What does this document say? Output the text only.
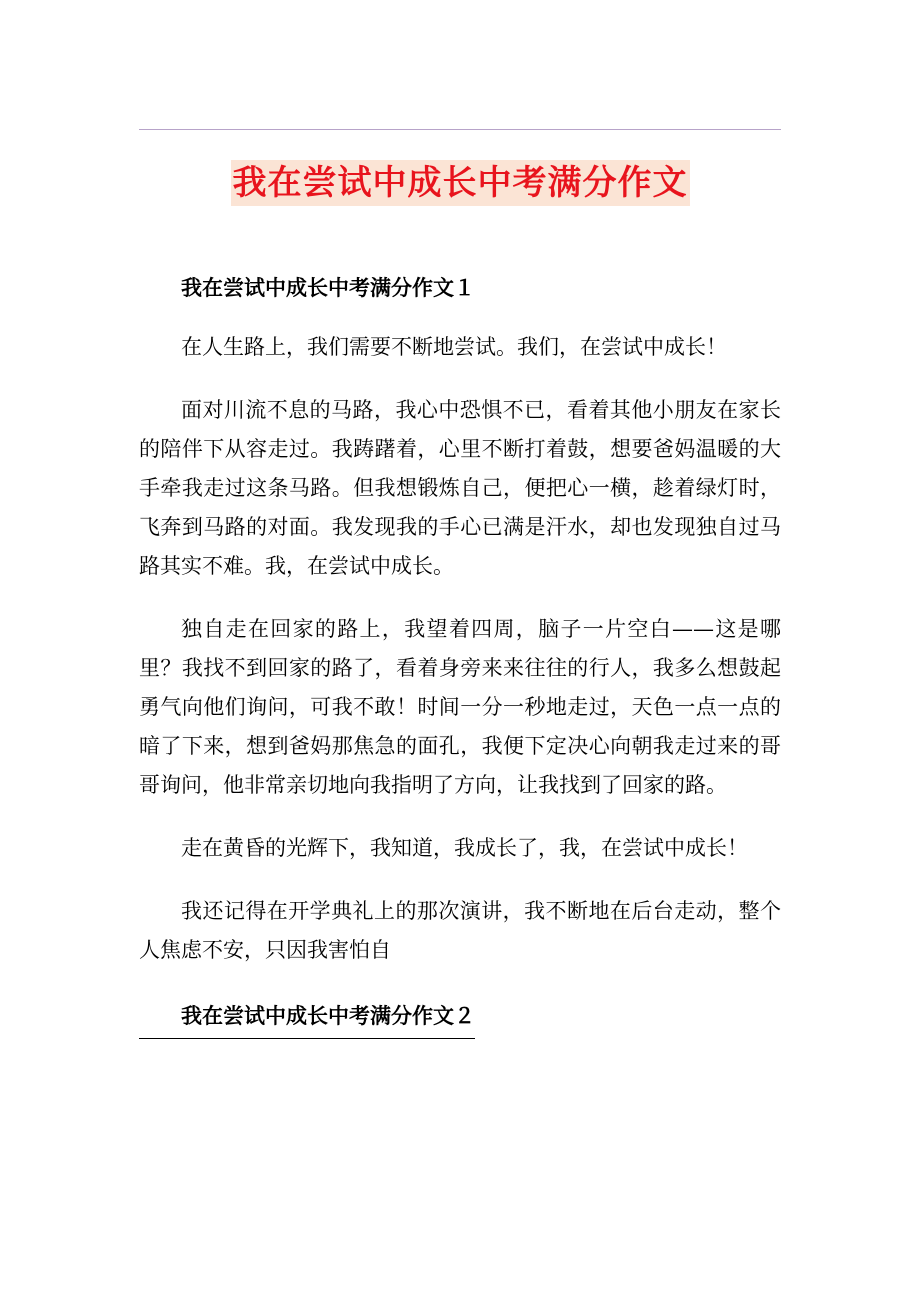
我在尝试中成长中考满分作文
我在尝试中成长中考满分作文１

在人生路上，我们需要不断地尝试。我们，在尝试中成长！

面对川流不息的马路，我心中恐惧不已，看着其他小朋友在家长的陪伴下从容走过。我踌躇着，心里不断打着鼓，想要爸妈温暖的大手牵我走过这条马路。但我想锻炼自己，便把心一横，趁着绿灯时，飞奔到马路的对面。我发现我的手心已满是汗水，却也发现独自过马路其实不难。我，在尝试中成长。

独自走在回家的路上，我望着四周，脑子一片空白——这是哪里？我找不到回家的路了，看着身旁来来往往的行人，我多么想鼓起勇气向他们询问，可我不敢！时间一分一秒地走过，天色一点一点的暗了下来，想到爸妈那焦急的面孔，我便下定决心向朝我走过来的哥哥询问，他非常亲切地向我指明了方向，让我找到了回家的路。

走在黄昏的光辉下，我知道，我成长了，我，在尝试中成长！

我还记得在开学典礼上的那次演讲，我不断地在后台走动，整个人焦虑不安，只因我害怕自

我在尝试中成长中考满分作文２
